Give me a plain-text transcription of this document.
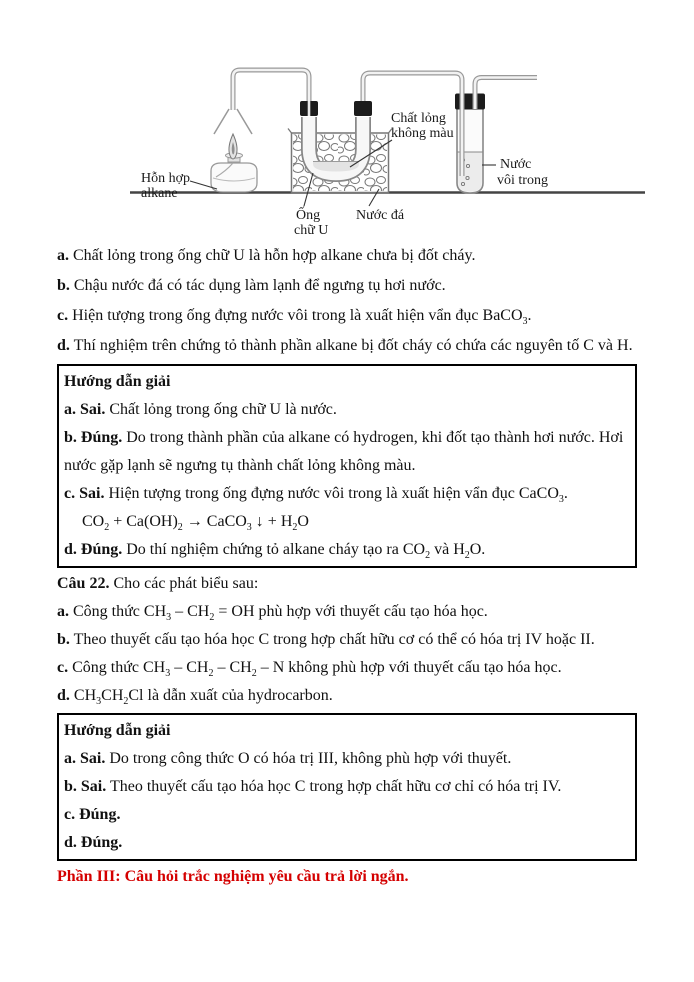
Hỗn hợp
alkane
Chất lỏng
không màu
Ống
chữ U
Nước đá
Nước
vôi trong

a. Chất lỏng trong ống chữ U là hỗn hợp alkane chưa bị đốt cháy.

b. Chậu nước đá có tác dụng làm lạnh để ngưng tụ hơi nước.

c. Hiện tượng trong ống đựng nước vôi trong là xuất hiện vẩn đục BaCO$_3$.

d. Thí nghiệm trên chứng tỏ thành phần alkane bị đốt cháy có chứa các nguyên tố C và H.

Hướng dẫn giải

a. Sai. Chất lỏng trong ống chữ U là nước.

b. Đúng. Do trong thành phần của alkane có hydrogen, khi đốt tạo thành hơi nước. Hơi nước gặp lạnh sẽ ngưng tụ thành chất lỏng không màu.

c. Sai. Hiện tượng trong ống đựng nước vôi trong là xuất hiện vẩn đục CaCO$_3$.

$CO_2 + Ca(OH)_2$ → CaCO$_3$ ↓ + $H_2O$

d. Đúng. Do thí nghiệm chứng tỏ alkane cháy tạo ra $CO_2$ và $H_2O$.

Câu 22. Cho các phát biểu sau:

a. Công thức $CH_3 - CH_2$ = OH phù hợp với thuyết cấu tạo hóa học.

b. Theo thuyết cấu tạo hóa học C trong hợp chất hữu cơ có thể có hóa trị IV hoặc II.

c. Công thức $CH_3 - CH_2 - CH_2$ – N không phù hợp với thuyết cấu tạo hóa học.

d. $CH_3CH_2Cl$ là dẫn xuất của hydrocarbon.

Hướng dẫn giải

a. Sai. Do trong công thức O có hóa trị III, không phù hợp với thuyết.

b. Sai. Theo thuyết cấu tạo hóa học C trong hợp chất hữu cơ chỉ có hóa trị IV.

c. Đúng.

d. Đúng.

Phần III: Câu hỏi trắc nghiệm yêu cầu trả lời ngắn.
